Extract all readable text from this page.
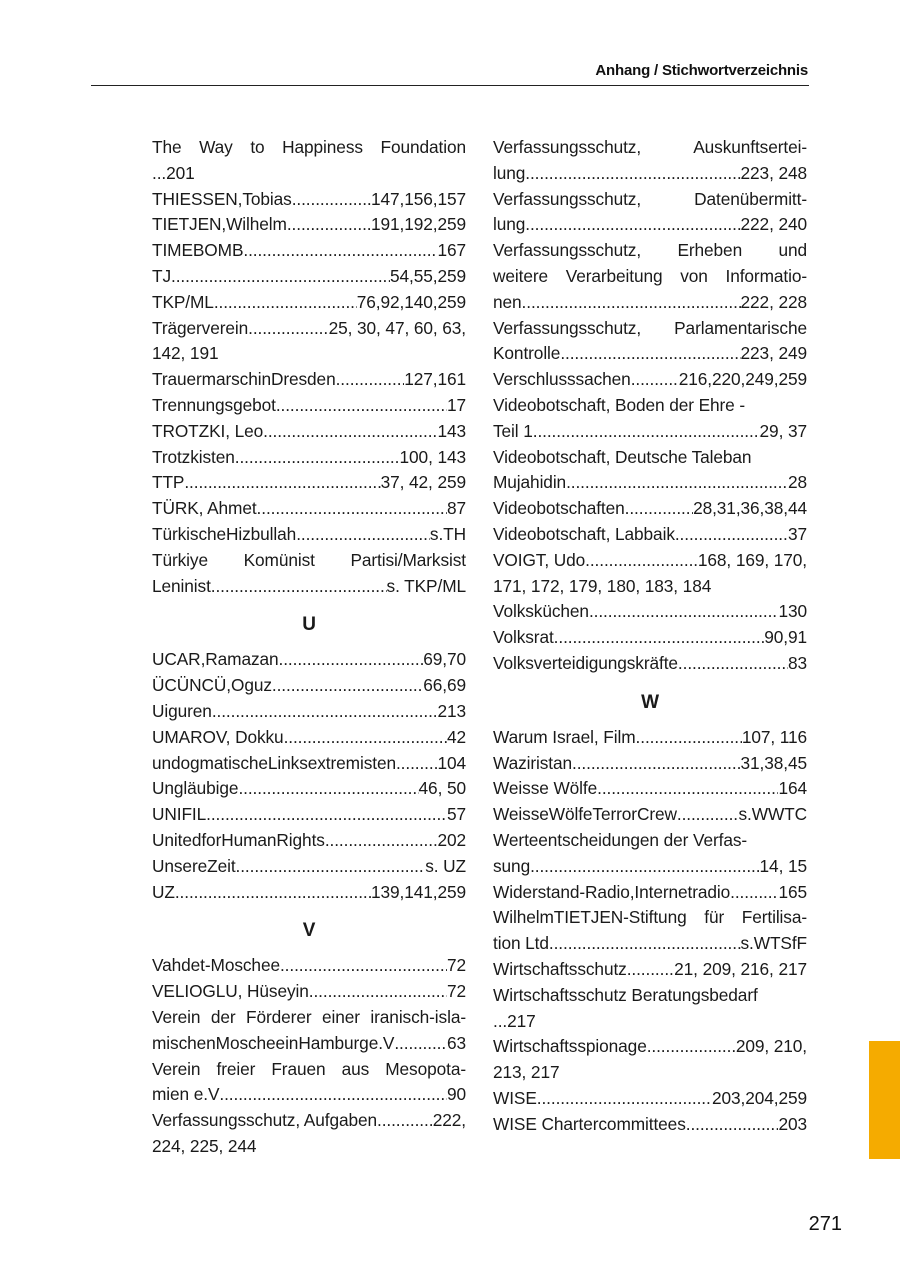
Anhang / Stichwortverzeichnis
The Way to Happiness Foundation
...201
THIESSEN,Tobias .....	147,156,157
TIETJEN,Wilhelm .....	191,192,259
TIMEBOMB .....	167
TJ .....	54,55,259
TKP/ML .....	76,92,140,259
Trägerverein .....	25, 30, 47, 60, 63,
142, 191
TrauermarschinDresden .....	127,161
Trennungsgebot .....	17
TROTZKI, Leo .....	143
Trotzkisten .....	100, 143
TTP .....	37, 42, 259
TÜRK, Ahmet .....	87
TürkischeHizbullah .....	s.TH
Türkiye Komünist Partisi/Marksist
Leninist .....	s. TKP/ML
U
UCAR,Ramazan .....	69,70
ÜCÜNCÜ,Oguz .....	66,69
Uiguren .....	213
UMAROV, Dokku .....	42
undogmatischeLinksextremisten ..... 104
Ungläubige .....	46, 50
UNIFIL .....	57
UnitedforHumanRights .....	202
UnsereZeit .....	s. UZ
UZ .....	139,141,259
V
Vahdet-Moschee .....	72
VELIOGLU, Hüseyin .....	72
Verein der Förderer einer iranisch-isla-
mischenMoscheeinHamburge.V .....	63
Verein freier Frauen aus Mesopota-
mien e.V .....	90
Verfassungsschutz, Aufgaben .....	222,
224, 225, 244
Verfassungsschutz, Auskunftsertei-
lung .....	223, 248
Verfassungsschutz, Datenübermitt-
lung .....	222, 240
Verfassungsschutz, Erheben und
weitere Verarbeitung von Informatio-
nen .....	222, 228
Verfassungsschutz, Parlamentarische
Kontrolle .....	223, 249
Verschlusssachen .....	216,220,249,259
Videobotschaft, Boden der Ehre -
Teil 1 .....	29, 37
Videobotschaft, Deutsche Taleban
Mujahidin .....	28
Videobotschaften .....	28,31,36,38,44
Videobotschaft, Labbaik .....	37
VOIGT, Udo .....	168, 169, 170,
171, 172, 179, 180, 183, 184
Volksküchen .....	130
Volksrat .....	90,91
Volksverteidigungskräfte .....	83
W
Warum Israel, Film .....	107, 116
Waziristan .....	31,38,45
Weisse Wölfe .....	164
WeisseWölfeTerrorCrew .....	s.WWTC
Werteentscheidungen der Verfas-
sung .....	14, 15
Widerstand-Radio,Internetradio .....	165
WilhelmTIETJEN-Stiftung für Fertilisa-
tion Ltd .....	s.WTSfF
Wirtschaftsschutz .....	21, 209, 216, 217
Wirtschaftsschutz Beratungsbedarf
...217
Wirtschaftsspionage .....	209, 210,
213, 217
WISE .....	203,204,259
WISE Chartercommittees .....	203
271
